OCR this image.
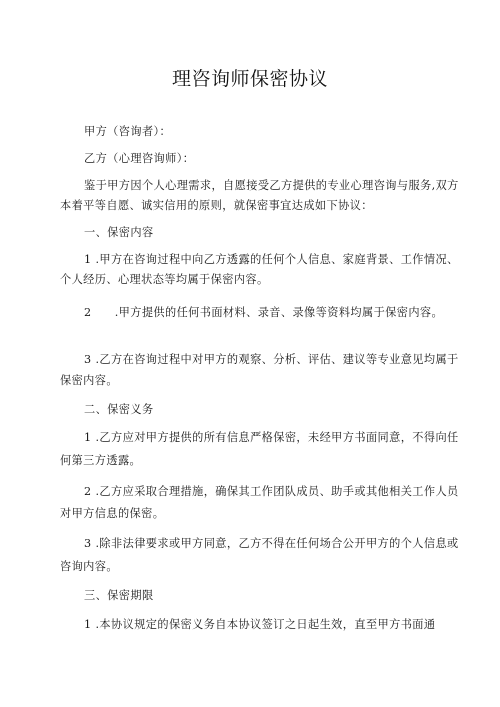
理咨询师保密协议
甲方（咨询者）：
乙方（心理咨询师）：
鉴于甲方因个人心理需求，自愿接受乙方提供的专业心理咨询与服务,双方
本着平等自愿、诚实信用的原则，就保密事宜达成如下协议：
一、保密内容
1 .甲方在咨询过程中向乙方透露的任何个人信息、家庭背景、工作情况、
个人经历、心理状态等均属于保密内容。
2　　.甲方提供的任何书面材料、录音、录像等资料均属于保密内容。
3 .乙方在咨询过程中对甲方的观察、分析、评估、建议等专业意见均属于
保密内容。
二、保密义务
1 .乙方应对甲方提供的所有信息严格保密，未经甲方书面同意，不得向任
何第三方透露。
2 .乙方应采取合理措施，确保其工作团队成员、助手或其他相关工作人员
对甲方信息的保密。
3 .除非法律要求或甲方同意，乙方不得在任何场合公开甲方的个人信息或
咨询内容。
三、保密期限
1 .本协议规定的保密义务自本协议签订之日起生效，直至甲方书面通
